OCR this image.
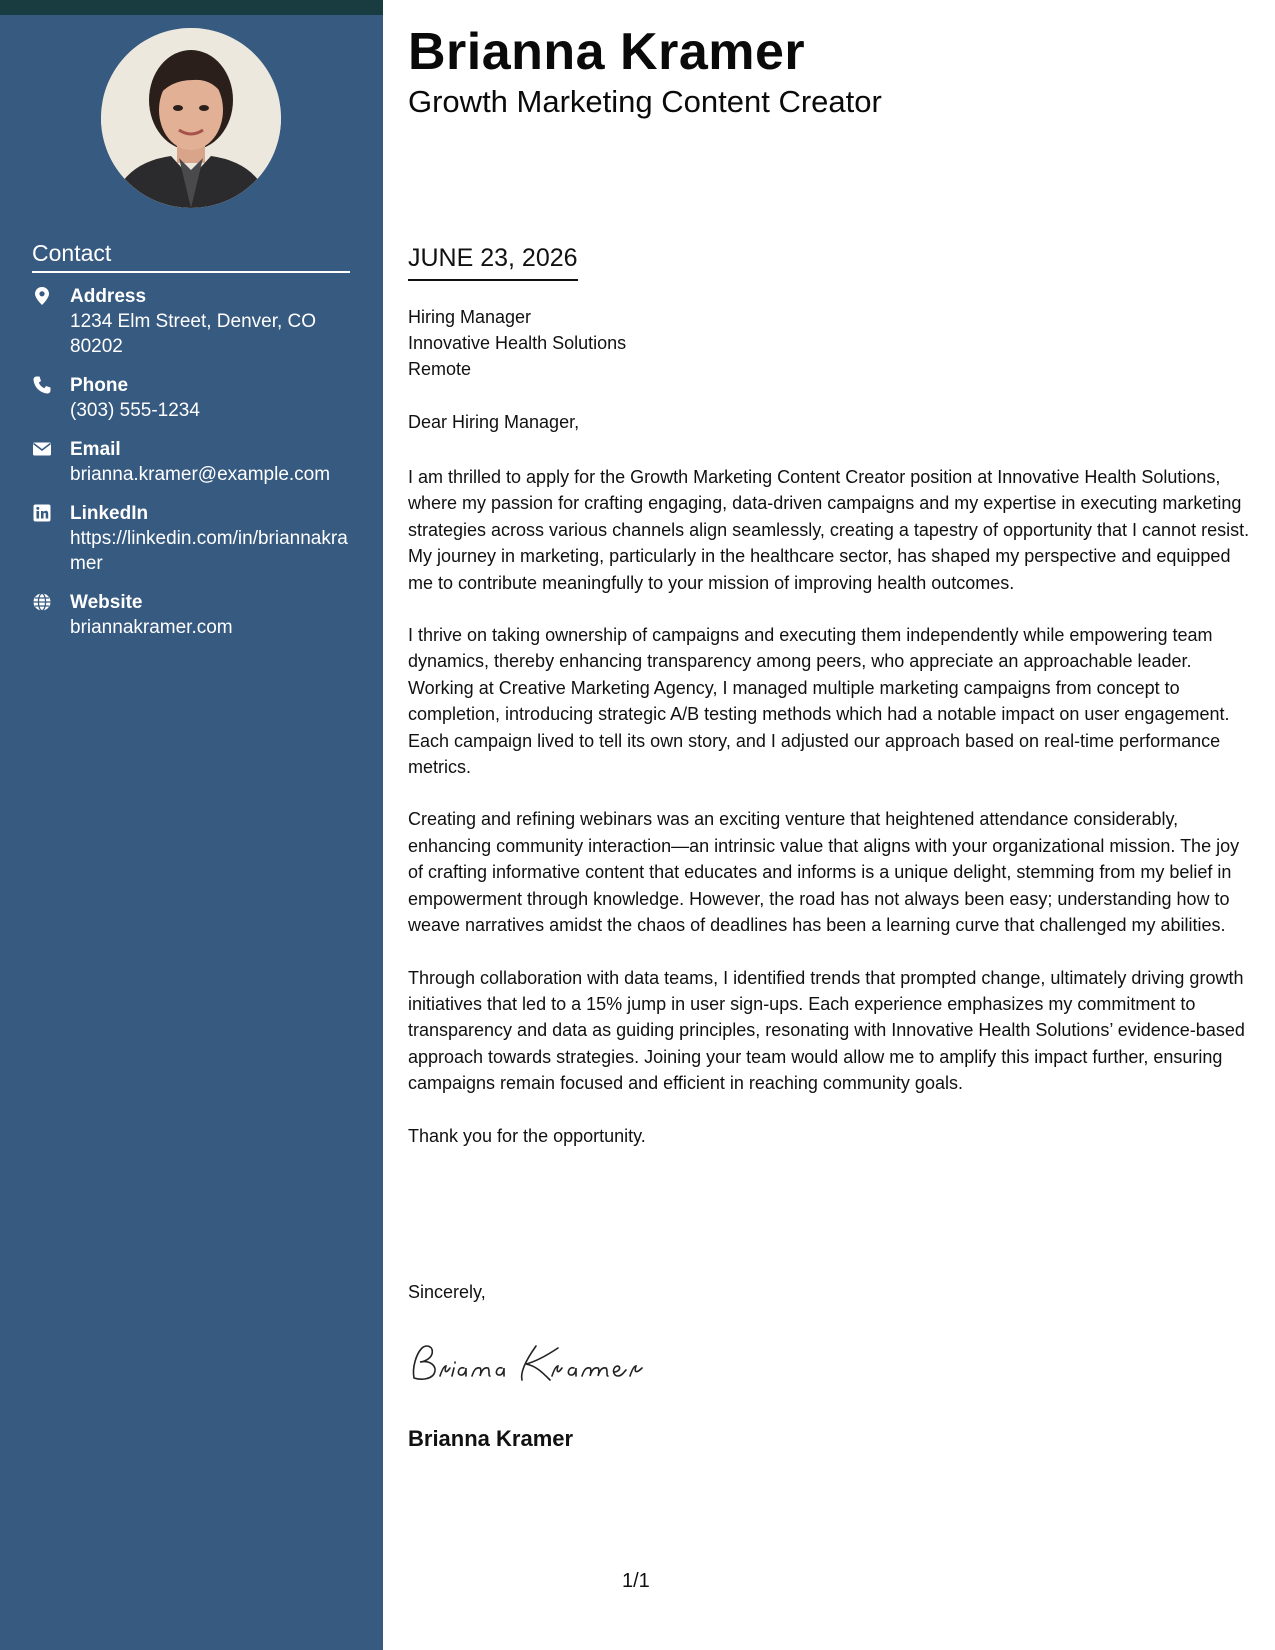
Contact
Address
1234 Elm Street, Denver, CO 80202
Phone
(303) 555-1234
Email
brianna.kramer@example.com
LinkedIn
https://linkedin.com/in/briannakramer
Website
briannakramer.com
Brianna Kramer
Growth Marketing Content Creator
JUNE 23, 2026
Hiring Manager
Innovative Health Solutions
Remote
Dear Hiring Manager,

I am thrilled to apply for the Growth Marketing Content Creator position at Innovative Health Solutions, where my passion for crafting engaging, data-driven campaigns and my expertise in executing marketing strategies across various channels align seamlessly, creating a tapestry of opportunity that I cannot resist. My journey in marketing, particularly in the healthcare sector, has shaped my perspective and equipped me to contribute meaningfully to your mission of improving health outcomes.

I thrive on taking ownership of campaigns and executing them independently while empowering team dynamics, thereby enhancing transparency among peers, who appreciate an approachable leader. Working at Creative Marketing Agency, I managed multiple marketing campaigns from concept to completion, introducing strategic A/B testing methods which had a notable impact on user engagement. Each campaign lived to tell its own story, and I adjusted our approach based on real-time performance metrics.

Creating and refining webinars was an exciting venture that heightened attendance considerably, enhancing community interaction—an intrinsic value that aligns with your organizational mission. The joy of crafting informative content that educates and informs is a unique delight, stemming from my belief in empowerment through knowledge. However, the road has not always been easy; understanding how to weave narratives amidst the chaos of deadlines has been a learning curve that challenged my abilities.

Through collaboration with data teams, I identified trends that prompted change, ultimately driving growth initiatives that led to a 15% jump in user sign-ups. Each experience emphasizes my commitment to transparency and data as guiding principles, resonating with Innovative Health Solutions’ evidence-based approach towards strategies. Joining your team would allow me to amplify this impact further, ensuring campaigns remain focused and efficient in reaching community goals.

Thank you for the opportunity.

Sincerely,
Brianna Kramer
1/1
